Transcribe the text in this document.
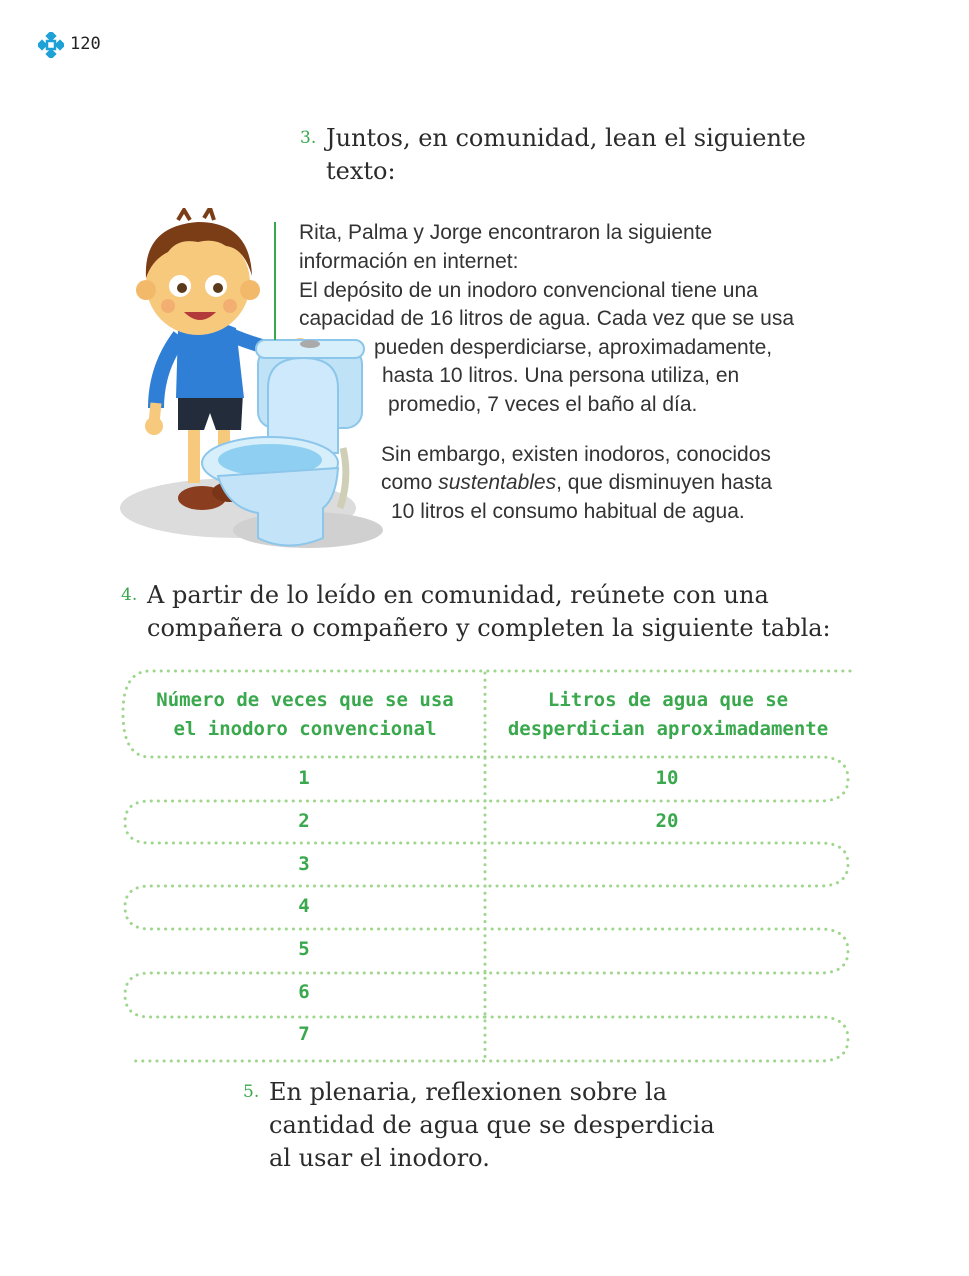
120
3. Juntos, en comunidad, lean el siguiente
texto:
Rita, Palma y Jorge encontraron la siguiente
información en internet:
El depósito de un inodoro convencional tiene una
capacidad de 16 litros de agua. Cada vez que se usa
pueden desperdiciarse, aproximadamente,
hasta 10 litros. Una persona utiliza, en
promedio, 7 veces el baño al día.
Sin embargo, existen inodoros, conocidos
como sustentables, que disminuyen hasta
10 litros el consumo habitual de agua.
4. A partir de lo leído en comunidad, reúnete con una
compañera o compañero y completen la siguiente tabla:
Número de veces que se usa
el inodoro convencional
Litros de agua que se
desperdician aproximadamente
1	10
2	20
3
4
5
6
7
5. En plenaria, reflexionen sobre la
cantidad de agua que se desperdicia
al usar el inodoro.
